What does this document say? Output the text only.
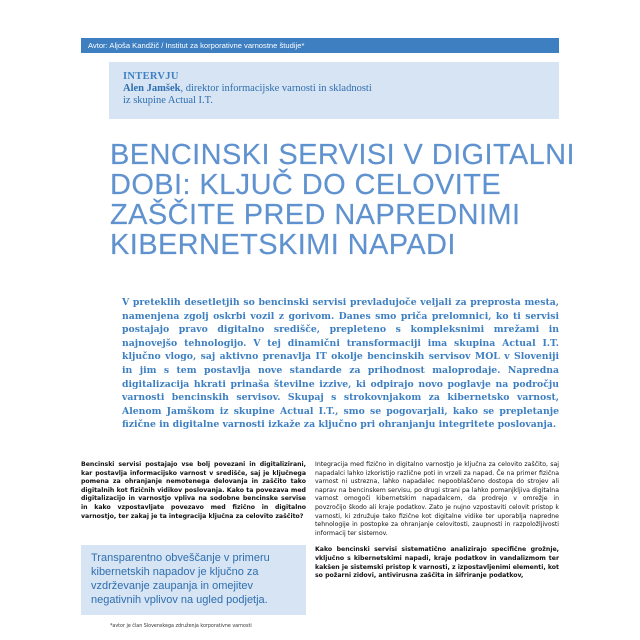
Avtor: Aljoša Kandžič / Institut za korporativne varnostne študije*
INTERVJU
Alen Jamšek, direktor informacijske varnosti in skladnosti
iz skupine Actual I.T.
BENCINSKI SERVISI V DIGITALNI
DOBI: KLJUČ DO CELOVITE
ZAŠČITE PRED NAPREDNIMI
KIBERNETSKIMI NAPADI

V preteklih desetletjih so bencinski servisi prevladujoče veljali za preprosta mesta, namenjena zgolj oskrbi vozil z gorivom. Danes smo priča prelomnici, ko ti servisi postajajo pravo digitalno središče, prepleteno s kompleksnimi mrežami in najnovejšo tehnologijo. V tej dinamični transformaciji ima skupina Actual I.T. ključno vlogo, saj aktivno prenavlja IT okolje bencinskih servisov MOL v Sloveniji in jim s tem postavlja nove standarde za prihodnost maloprodaje. Napredna digitalizacija hkrati prinaša številne izzive, ki odpirajo novo poglavje na področju varnosti bencinskih servisov. Skupaj s strokovnjakom za kibernetsko varnost, Alenom Jamškom iz skupine Actual I.T., smo se pogovarjali, kako se prepletanje fizične in digitalne varnosti izkaže za ključno pri ohranjanju integritete poslovanja.

Bencinski servisi postajajo vse bolj povezani in digitalizirani, kar postavlja informacijsko varnost v središče, saj je ključnega pomena za ohranjanje nemotenega delovanja in zaščito tako digitalnih kot fizičnih vidikov poslovanja. Kako ta povezava med digitalizacijo in varnostjo vpliva na sodobne bencinske servise in kako vzpostavljate povezavo med fizično in digitalno varnostjo, ter zakaj je ta integracija ključna za celovito zaščito?

Transparentno obveščanje v primeru kibernetskih napadov je ključno za vzdrževanje zaupanja in omejitev negativnih vplivov na ugled podjetja.
*avtor je član Slovenskega združenja korporativne varnosti

Integracija med fizično in digitalno varnostjo je ključna za celovito zaščito, saj napadalci lahko izkoristijo različne poti in vrzeli za napad. Če na primer fizična varnost ni ustrezna, lahko napadalec nepooblaščeno dostopa do strojev ali naprav na bencinskem servisu, po drugi strani pa lahko pomanjkljiva digitalna varnost omogoči kibernetskim napadalcem, da prodrejo v omrežje in povzročijo škodo ali kraje podatkov. Zato je nujno vzpostaviti celovit pristop k varnosti, ki združuje tako fizične kot digitalne vidike ter uporablja napredne tehnologije in postopke za ohranjanje celovitosti, zaupnosti in razpoložljivosti informacij ter sistemov.

Kako bencinski servisi sistematično analizirajo specifične grožnje, vključno s kibernetskimi napadi, kraje podatkov in vandalizmom ter kakšen je sistemski pristop k varnosti, z izpostavljenimi elementi, kot so požarni zidovi, antivirusna zaščita in šifriranje podatkov,
